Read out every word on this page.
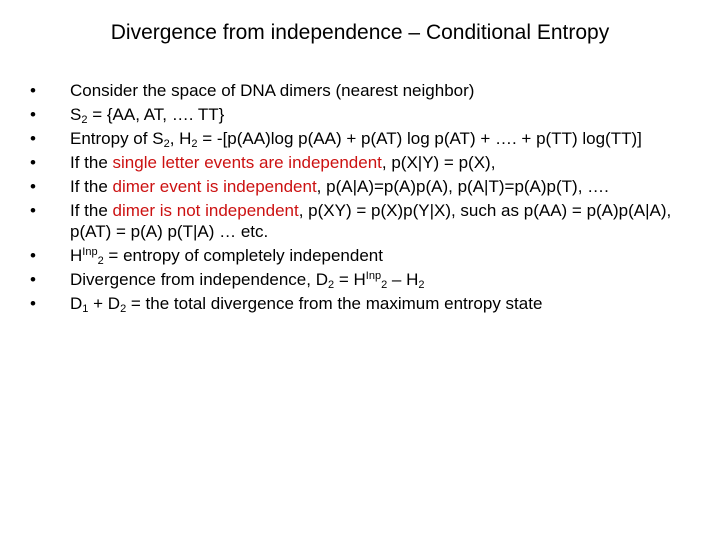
Divergence from independence – Conditional Entropy
•	Consider the space of DNA dimers (nearest neighbor)
•	$S_2 = \{AA$, AT, …. TT}
•	Entropy of $S_2$, $H_2 = -[p(AA)\log$ p(AA) + p(AT) log p(AT) + …. + p(TT) log(TT)]
•	If the single letter events are independent, p(X|Y) = p(X),
•	If the dimer event is independent, p(A|A)=p(A)p(A), p(A|T)=p(A)p(T), ….
•	If the dimer is not independent, p(XY) = p(X)p(Y|X), such as p(AA) = p(A)p(A|A), p(AT) = p(A) p(T|A) … etc.
•	$H^{Inp}_2$ = entropy of completely independent
•	Divergence from independence, $D_2 = H^{Inp}_2 - H_2$
•	$D_1 + D_2$ = the total divergence from the maximum entropy state
